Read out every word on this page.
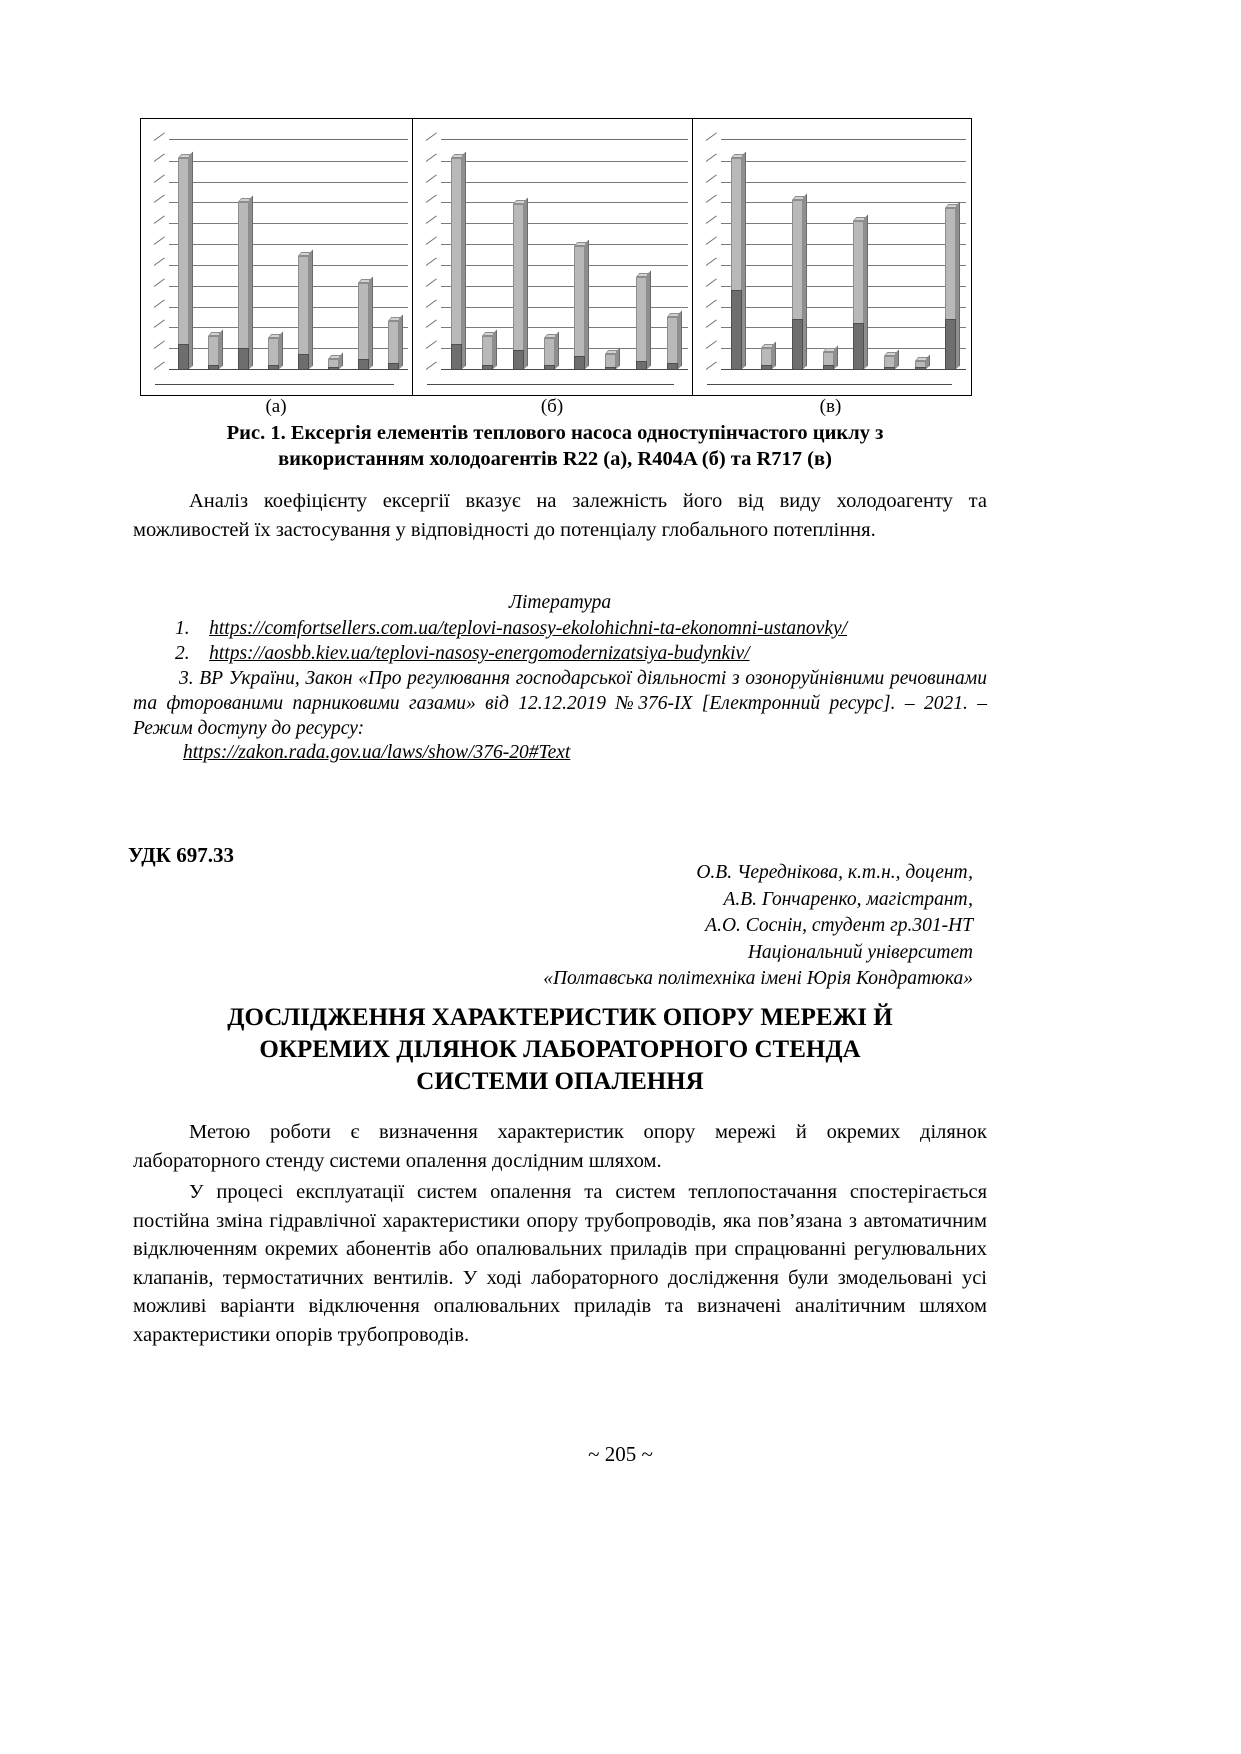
(а)	(б)	(в)
Рис. 1. Ексергія елементів теплового насоса одноступінчастого циклу з
використанням холодоагентів R22 (а), R404A (б) та R717 (в)
Аналіз коефіцієнту ексергії вказує на залежність його від виду холодоагенту та можливостей їх застосування у відповідності до потенціалу глобального потепління.
Література
1. https://comfortsellers.com.ua/teplovi-nasosy-ekolohichni-ta-ekonomni-ustanovky/
2. https://aosbb.kiev.ua/teplovi-nasosy-energomodernizatsiya-budynkiv/
3. ВР України, Закон «Про регулювання господарської діяльності з озоноруйнівними речовинами та фторованими парниковими газами» від 12.12.2019 №376-IX [Електронний ресурс]. – 2021. – Режим доступу до ресурсу:
https://zakon.rada.gov.ua/laws/show/376-20#Text
УДК 697.33
О.В. Череднікова, к.т.н., доцент,
А.В. Гончаренко, магістрант,
А.О. Соснін, студент гр.301-НТ
Національний університет
«Полтавська політехніка імені Юрія Кондратюка»
ДОСЛІДЖЕННЯ ХАРАКТЕРИСТИК ОПОРУ МЕРЕЖІ Й
ОКРЕМИХ ДІЛЯНОК ЛАБОРАТОРНОГО СТЕНДА
СИСТЕМИ ОПАЛЕННЯ
Метою роботи є визначення характеристик опору мережі й окремих ділянок лабораторного стенду системи опалення дослідним шляхом.
У процесі експлуатації систем опалення та систем теплопостачання спостерігається постійна зміна гідравлічної характеристики опору трубопроводів, яка пов’язана з автоматичним відключенням окремих абонентів або опалювальних приладів при спрацюванні регулювальних клапанів, термостатичних вентилів. У ході лабораторного дослідження були змодельовані усі можливі варіанти відключення опалювальних приладів та визначені аналітичним шляхом характеристики опорів трубопроводів.
~ 205 ~
